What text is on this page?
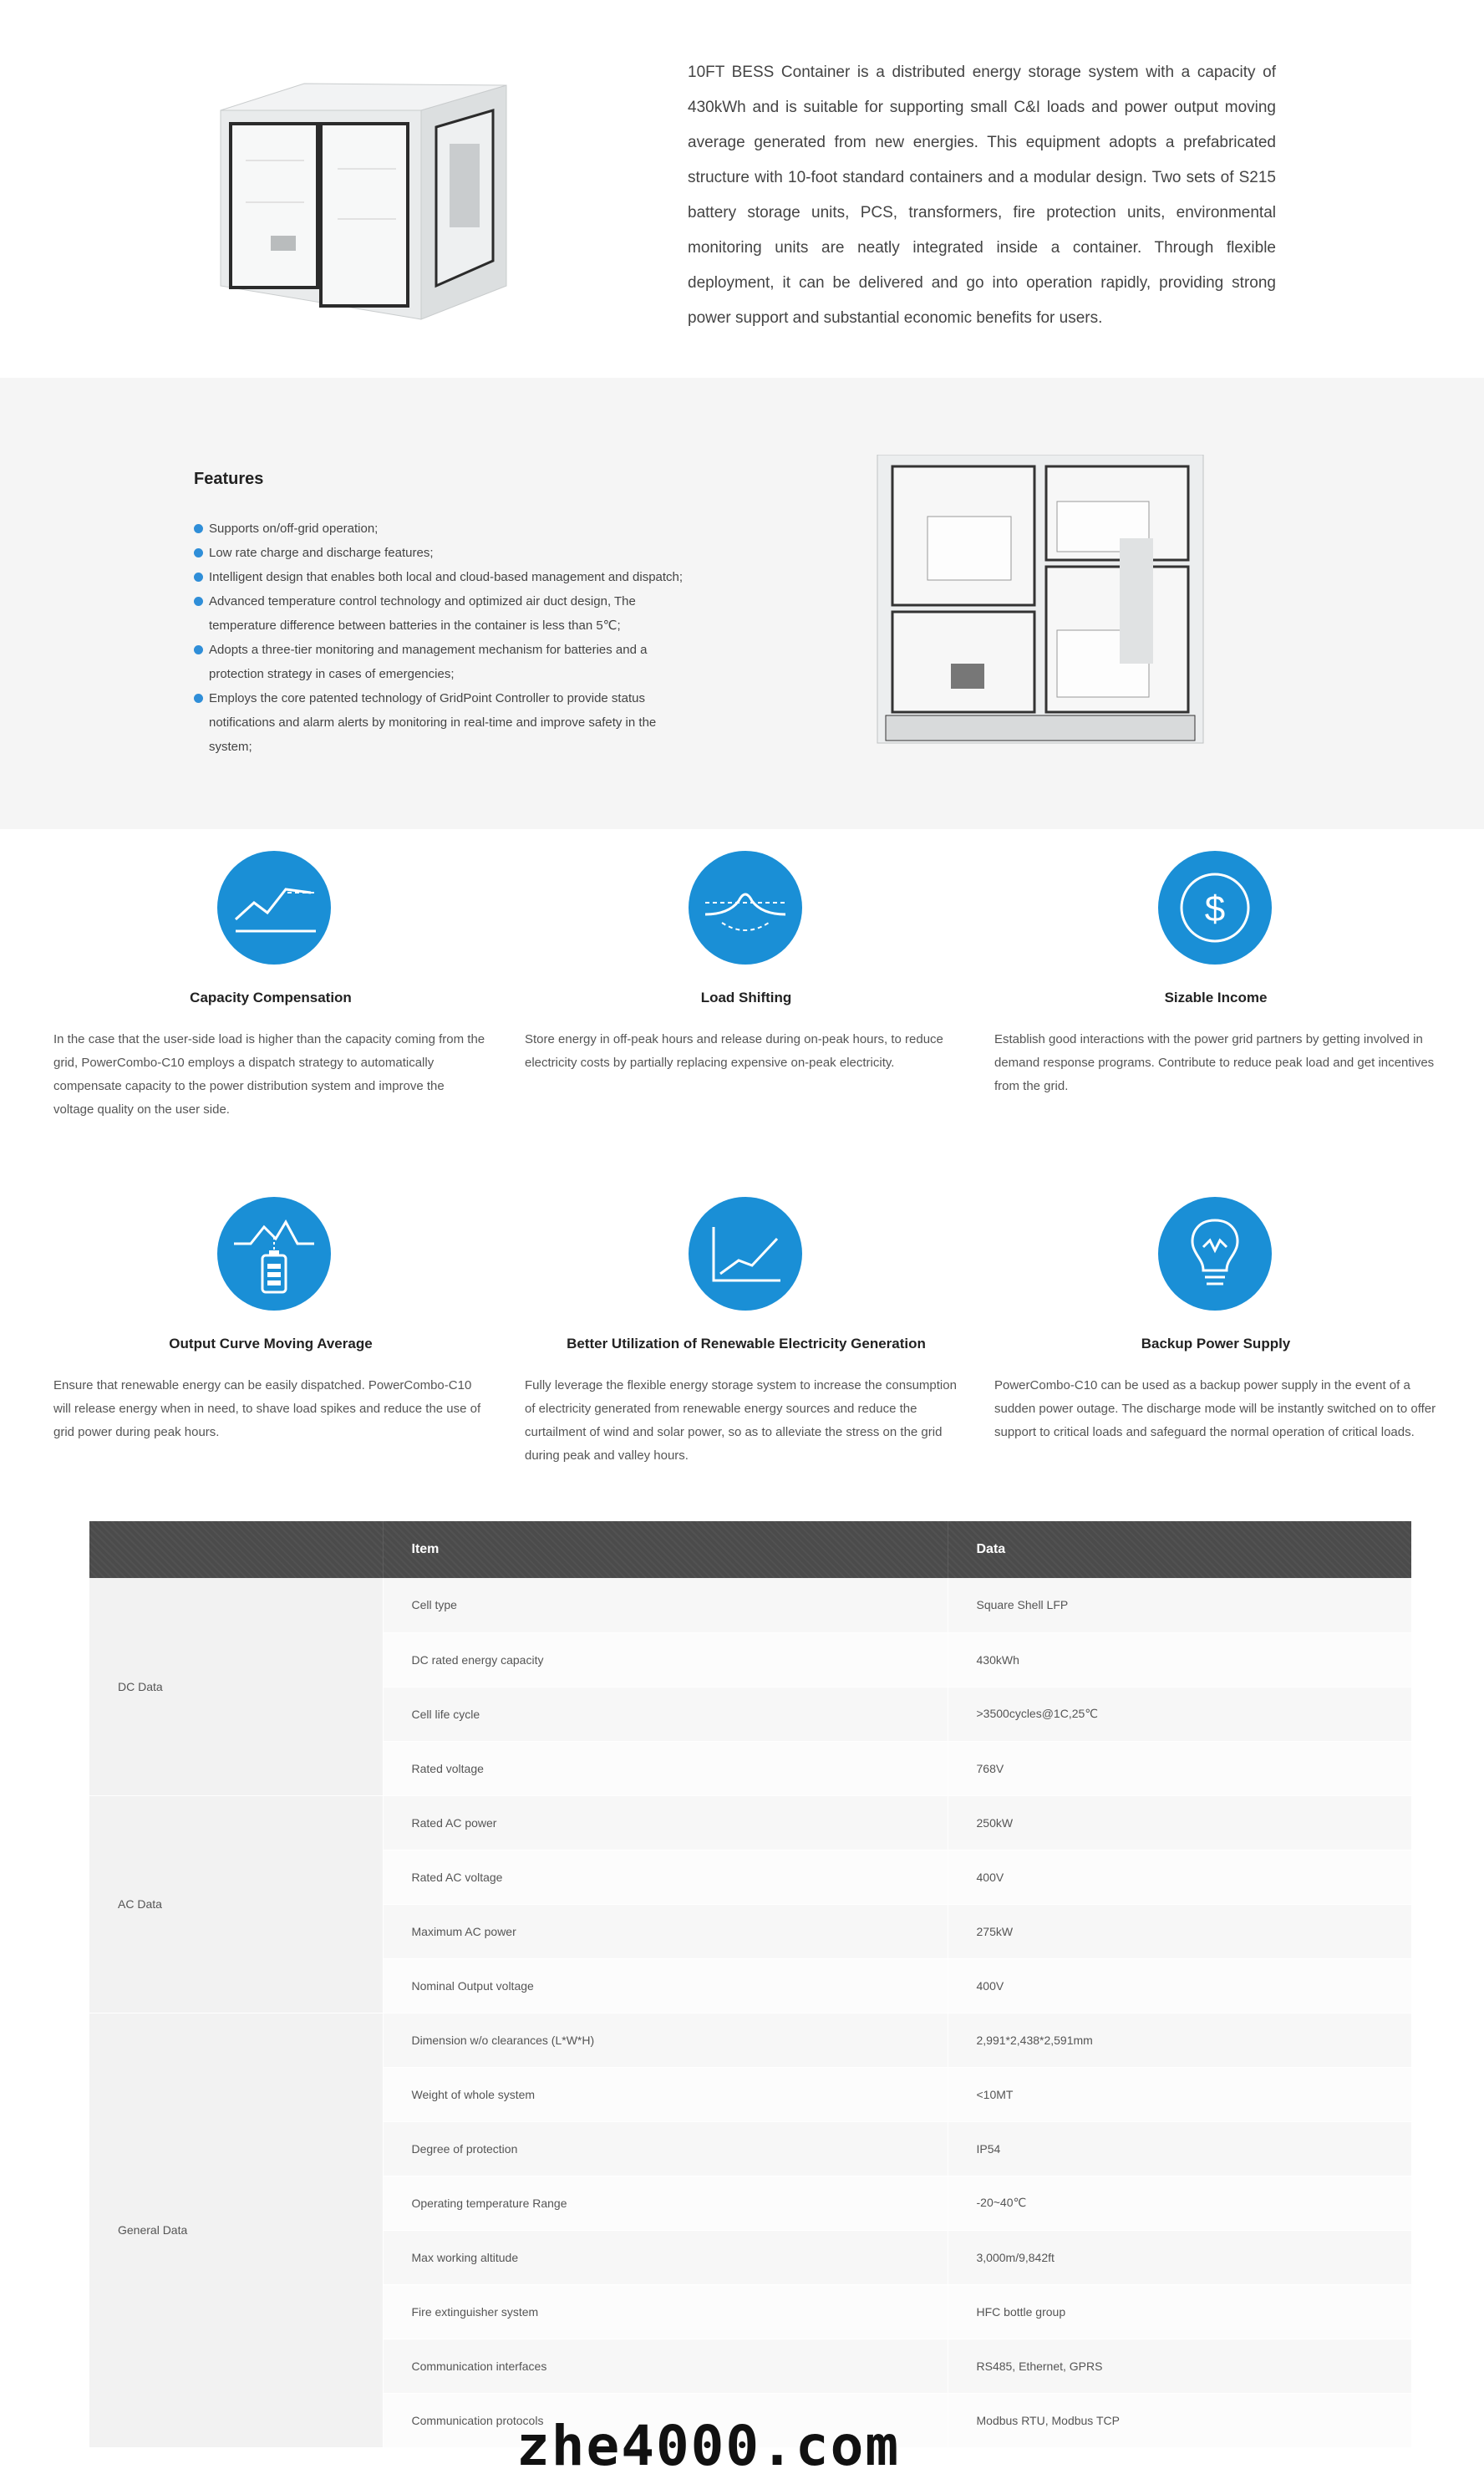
10FT BESS Container is a distributed energy storage system with a capacity of 430kWh and is suitable for supporting small C&I loads and power output moving average generated from new energies. This equipment adopts a prefabricated structure with 10-foot standard containers and a modular design. Two sets of S215 battery storage units, PCS, transformers, fire protection units, environmental monitoring units are neatly integrated inside a container. Through flexible deployment, it can be delivered and go into operation rapidly, providing strong power support and substantial economic benefits for users.

Features
Supports on/off-grid operation;
Low rate charge and discharge features;
Intelligent design that enables both local and cloud-based management and dispatch;
Advanced temperature control technology and optimized air duct design, The temperature difference between batteries in the container is less than 5℃;
Adopts a three-tier monitoring and management mechanism for batteries and a protection strategy in cases of emergencies;
Employs the core patented technology of GridPoint Controller to provide status notifications and alarm alerts by monitoring in real-time and improve safety in the system;
Capacity Compensation
In the case that the user-side load is higher than the capacity coming from the grid, PowerCombo-C10 employs a dispatch strategy to automatically compensate capacity to the power distribution system and improve the voltage quality on the user side.
Load Shifting
Store energy in off-peak hours and release during on-peak hours, to reduce electricity costs by partially replacing expensive on-peak electricity.
$
Sizable Income
Establish good interactions with the power grid partners by getting involved in demand response programs. Contribute to reduce peak load and get incentives from the grid.
Output Curve Moving Average
Ensure that renewable energy can be easily dispatched. PowerCombo-C10 will release energy when in need, to shave load spikes and reduce the use of grid power during peak hours.
Better Utilization of Renewable Electricity Generation
Fully leverage the flexible energy storage system to increase the consumption of electricity generated from renewable energy sources and reduce the curtailment of wind and solar power, so as to alleviate the stress on the grid during peak and valley hours.
Backup Power Supply
PowerCombo-C10 can be used as a backup power supply in the event of a sudden power outage. The discharge mode will be instantly switched on to offer support to critical loads and safeguard the normal operation of critical loads.
	Item	Data
DC Data	Cell type	Square Shell LFP
	DC rated energy capacity	430kWh
	Cell life cycle	>3500cycles@1C,25℃
	Rated voltage	768V
AC Data	Rated AC power	250kW
	Rated AC voltage	400V
	Maximum AC power	275kW
	Nominal Output voltage	400V
General Data	Dimension w/o clearances (L*W*H)	2,991*2,438*2,591mm
	Weight of whole system	<10MT
	Degree of protection	IP54
	Operating temperature Range	-20~40℃
	Max working altitude	3,000m/9,842ft
	Fire extinguisher system	HFC bottle group
	Communication interfaces	RS485, Ethernet, GPRS
	Communication protocols	Modbus RTU, Modbus TCP
zhe4000.com
